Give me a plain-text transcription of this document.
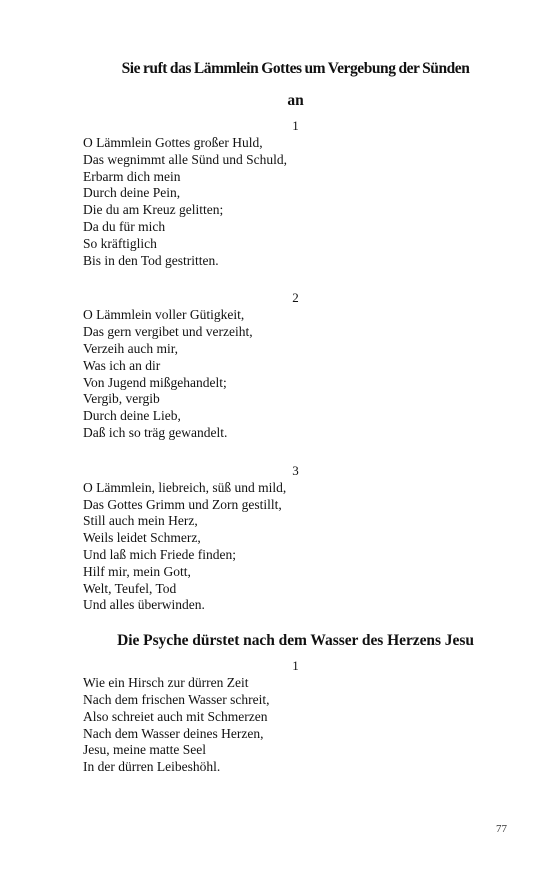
Sie ruft das Lämmlein Gottes um Vergebung der Sünden
an
1
O Lämmlein Gottes großer Huld,
Das wegnimmt alle Sünd und Schuld,
Erbarm dich mein
Durch deine Pein,
Die du am Kreuz gelitten;
Da du für mich
So kräftiglich
Bis in den Tod gestritten.
2
O Lämmlein voller Gütigkeit,
Das gern vergibet und verzeiht,
Verzeih auch mir,
Was ich an dir
Von Jugend mißgehandelt;
Vergib, vergib
Durch deine Lieb,
Daß ich so träg gewandelt.
3
O Lämmlein, liebreich, süß und mild,
Das Gottes Grimm und Zorn gestillt,
Still auch mein Herz,
Weils leidet Schmerz,
Und laß mich Friede finden;
Hilf mir, mein Gott,
Welt, Teufel, Tod
Und alles überwinden.
Die Psyche dürstet nach dem Wasser des Herzens Jesu
1
Wie ein Hirsch zur dürren Zeit
Nach dem frischen Wasser schreit,
Also schreiet auch mit Schmerzen
Nach dem Wasser deines Herzen,
Jesu, meine matte Seel
In der dürren Leibeshöhl.
77
